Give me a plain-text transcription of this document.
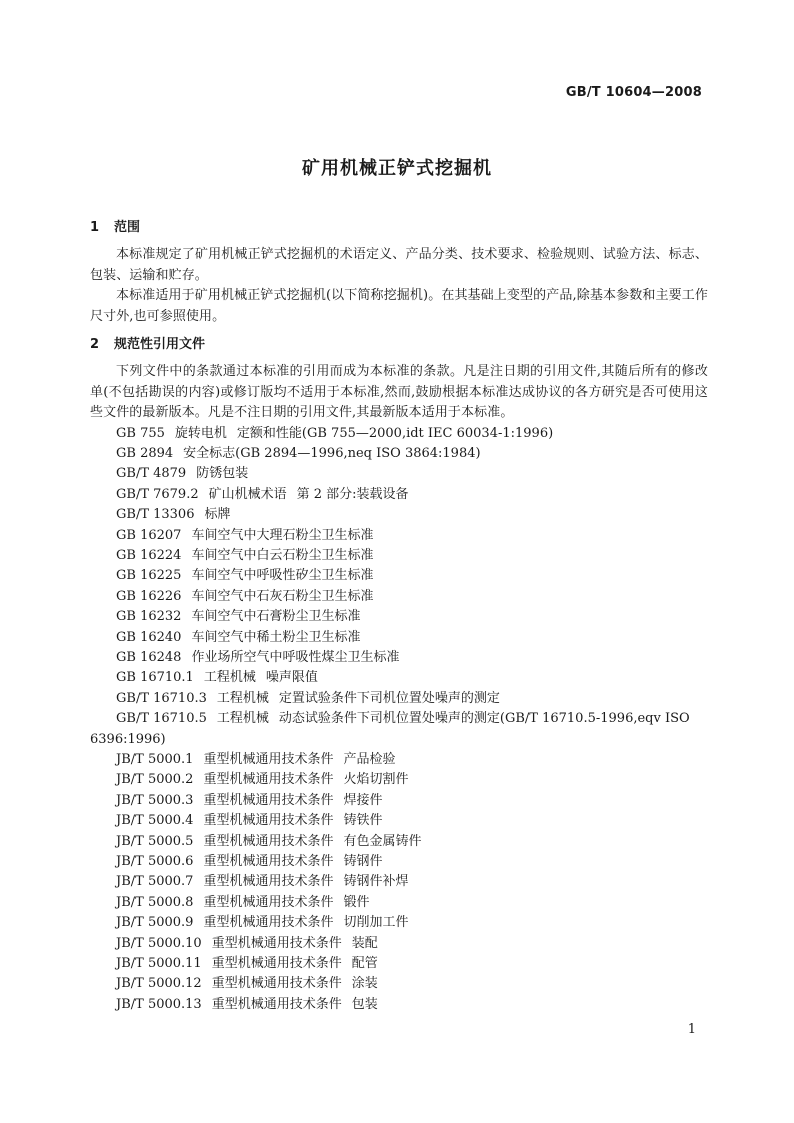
GB/T 10604—2008
矿用机械正铲式挖掘机
1 范围

本标准规定了矿用机械正铲式挖掘机的术语定义、产品分类、技术要求、检验规则、试验方法、标志、包装、运输和贮存。

本标准适用于矿用机械正铲式挖掘机(以下简称挖掘机)。在其基础上变型的产品,除基本参数和主要工作尺寸外,也可参照使用。

2 规范性引用文件

下列文件中的条款通过本标准的引用而成为本标准的条款。凡是注日期的引用文件,其随后所有的修改单(不包括勘误的内容)或修订版均不适用于本标准,然而,鼓励根据本标准达成协议的各方研究是否可使用这些文件的最新版本。凡是不注日期的引用文件,其最新版本适用于本标准。

GB 755 旋转电机 定额和性能(GB 755—2000,idt IEC 60034-1:1996)
GB 2894 安全标志(GB 2894—1996,neq ISO 3864:1984)
GB/T 4879 防锈包装
GB/T 7679.2 矿山机械术语 第 2 部分:装载设备
GB/T 13306 标牌
GB 16207 车间空气中大理石粉尘卫生标准
GB 16224 车间空气中白云石粉尘卫生标准
GB 16225 车间空气中呼吸性矽尘卫生标准
GB 16226 车间空气中石灰石粉尘卫生标准
GB 16232 车间空气中石膏粉尘卫生标准
GB 16240 车间空气中稀土粉尘卫生标准
GB 16248 作业场所空气中呼吸性煤尘卫生标准
GB 16710.1 工程机械 噪声限值
GB/T 16710.3 工程机械 定置试验条件下司机位置处噪声的测定
GB/T 16710.5 工程机械 动态试验条件下司机位置处噪声的测定(GB/T 16710.5-1996,eqv ISO 6396:1996)
JB/T 5000.1 重型机械通用技术条件 产品检验
JB/T 5000.2 重型机械通用技术条件 火焰切割件
JB/T 5000.3 重型机械通用技术条件 焊接件
JB/T 5000.4 重型机械通用技术条件 铸铁件
JB/T 5000.5 重型机械通用技术条件 有色金属铸件
JB/T 5000.6 重型机械通用技术条件 铸钢件
JB/T 5000.7 重型机械通用技术条件 铸钢件补焊
JB/T 5000.8 重型机械通用技术条件 锻件
JB/T 5000.9 重型机械通用技术条件 切削加工件
JB/T 5000.10 重型机械通用技术条件 装配
JB/T 5000.11 重型机械通用技术条件 配管
JB/T 5000.12 重型机械通用技术条件 涂装
JB/T 5000.13 重型机械通用技术条件 包装
1
